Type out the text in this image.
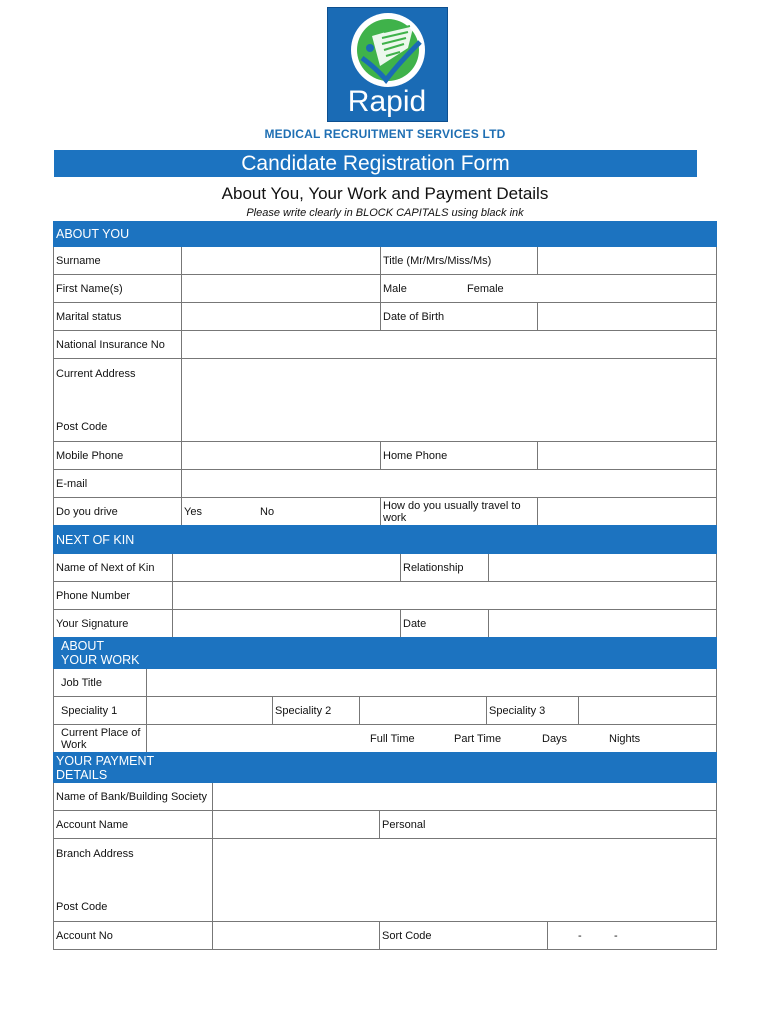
Rapid
MEDICAL RECRUITMENT SERVICES LTD
Candidate Registration Form
About You, Your Work and Payment Details
Please write clearly in BLOCK CAPITALS using black ink
ABOUT YOU			
Surname		Title (Mr/Mrs/Miss/Ms)	
First Name(s)		Male Female	
Marital status		Date of Birth	
National Insurance No			

Current Address
Post Code			

Mobile Phone		Home Phone	
E-mail			
Do you drive	Yes No	How do you usually travel to work	
NEXT OF KIN			
Name of Next of Kin		Relationship	
Phone Number			
Your Signature		Date	
ABOUT
YOUR WORK					

Job Title					
Speciality 1		Speciality 2		Speciality 3	
Current Place of Work	Full Time Part Time Days Nights				
YOUR PAYMENT
DETAILS			

Name of Bank/Building Society			
Account Name		Personal	

Branch Address
Post Code			

Account No		Sort Code	- -
